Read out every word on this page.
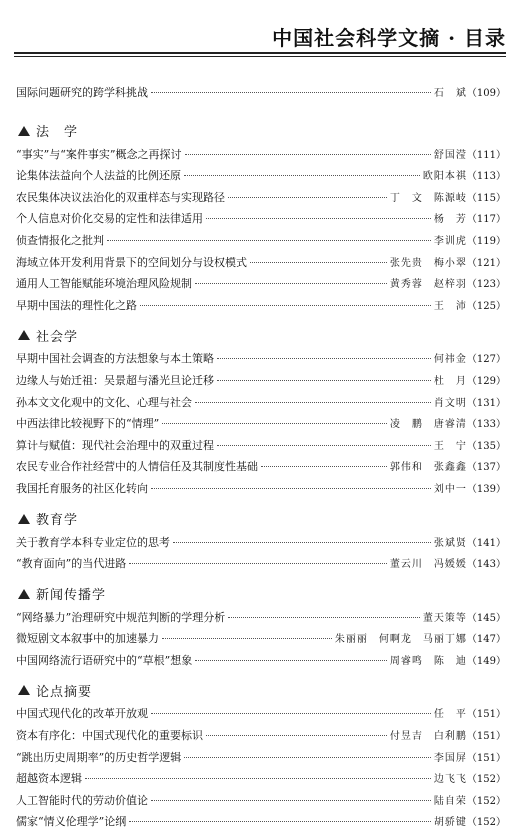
中国社会科学文摘 · 目录
国际问题研究的跨学科挑战	石　斌 （109）
法　学
“事实”与“案件事实”概念之再探讨	舒国滢 （111）
论集体法益向个人法益的比例还原	欧阳本祺 （113）
农民集体决议法治化的双重样态与实现路径	丁　文　陈源岐 （115）
个人信息对价化交易的定性和法律适用	杨　芳 （117）
侦查情报化之批判	李训虎 （119）
海域立体开发利用背景下的空间划分与设权模式	张先贵　梅小翠 （121）
通用人工智能赋能环境治理风险规制	黄秀蓉　赵梓羽 （123）
早期中国法的理性化之路	王　沛 （125）
社会学
早期中国社会调查的方法想象与本土策略	何祎金 （127）
边缘人与始迁祖：吴景超与潘光旦论迁移	杜　月 （129）
孙本文文化观中的文化、心理与社会	肖文明 （131）
中西法律比较视野下的“情理”	凌　鹏　唐睿清 （133）
算计与赋值：现代社会治理中的双重过程	王　宁 （135）
农民专业合作社经营中的人情信任及其制度性基础	郭伟和　张鑫鑫 （137）
我国托育服务的社区化转向	刘中一 （139）
教育学
关于教育学本科专业定位的思考	张斌贤 （141）
“教育面向”的当代进路	董云川　冯媛媛 （143）
新闻传播学
“网络暴力”治理研究中规范判断的学理分析	董天策等 （145）
微短剧文本叙事中的加速暴力	朱丽丽　何啊龙　马丽丁娜 （147）
中国网络流行语研究中的“草根”想象	周睿鸣　陈　迪 （149）
论点摘要
中国式现代化的改革开放观	任　平 （151）
资本有序化：中国式现代化的重要标识	付昱吉　白利鹏 （151）
“跳出历史周期率”的历史哲学逻辑	李国屏 （151）
超越资本逻辑	边飞飞 （152）
人工智能时代的劳动价值论	陆自荣 （152）
儒家“情义伦理学”论纲	胡骄键 （152）
